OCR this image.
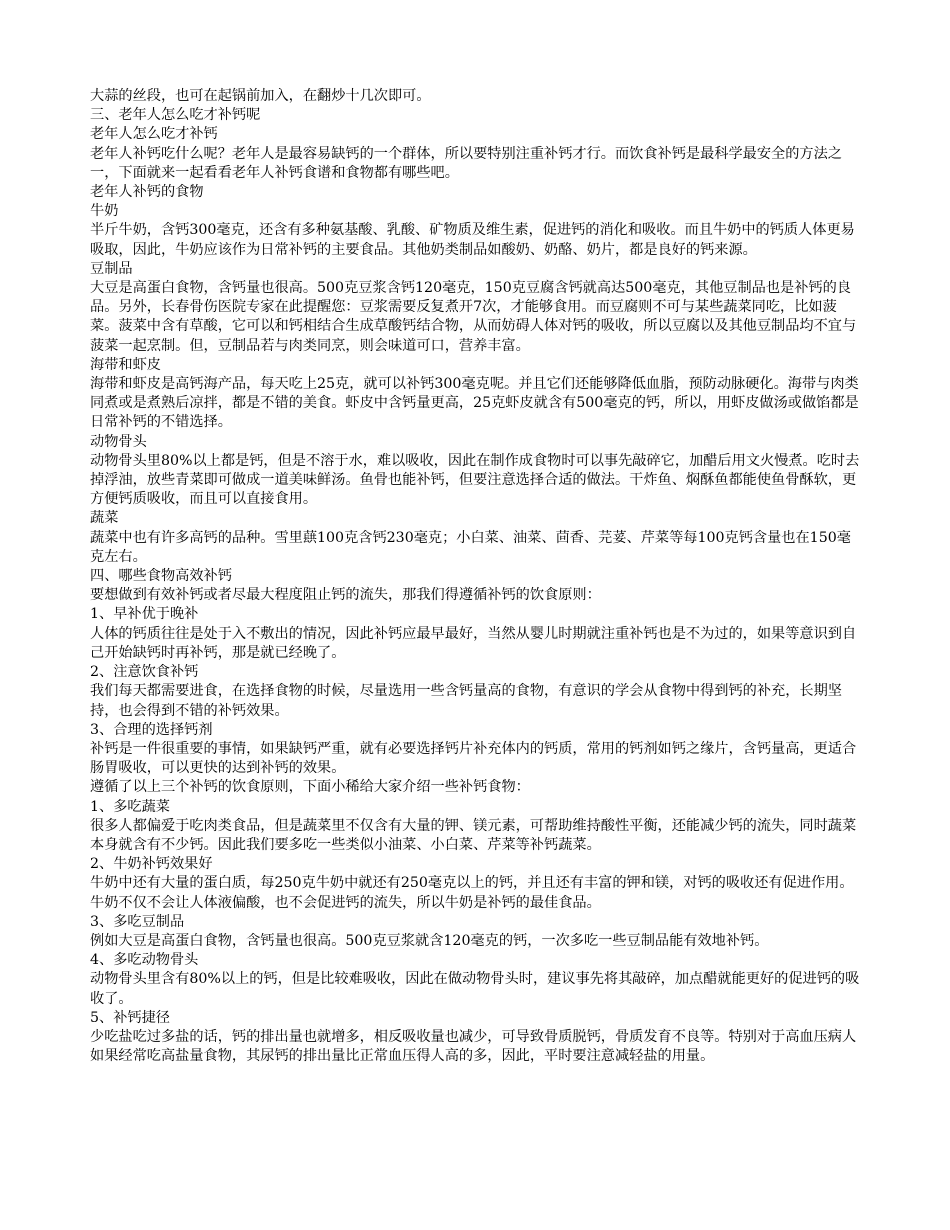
大蒜的丝段，也可在起锅前加入，在翻炒十几次即可。

三、老年人怎么吃才补钙呢

老年人怎么吃才补钙

老年人补钙吃什么呢？老年人是最容易缺钙的一个群体，所以要特别注重补钙才行。而饮食补钙是最科学最安全的方法之一，下面就来一起看看老年人补钙食谱和食物都有哪些吧。

老年人补钙的食物

牛奶

半斤牛奶，含钙300毫克，还含有多种氨基酸、乳酸、矿物质及维生素，促进钙的消化和吸收。而且牛奶中的钙质人体更易吸取，因此，牛奶应该作为日常补钙的主要食品。其他奶类制品如酸奶、奶酪、奶片，都是良好的钙来源。

豆制品

大豆是高蛋白食物，含钙量也很高。500克豆浆含钙120毫克，150克豆腐含钙就高达500毫克，其他豆制品也是补钙的良品。另外，长春骨伤医院专家在此提醒您：豆浆需要反复煮开7次，才能够食用。而豆腐则不可与某些蔬菜同吃，比如菠菜。菠菜中含有草酸，它可以和钙相结合生成草酸钙结合物，从而妨碍人体对钙的吸收，所以豆腐以及其他豆制品均不宜与菠菜一起烹制。但，豆制品若与肉类同烹，则会味道可口，营养丰富。

海带和虾皮

海带和虾皮是高钙海产品，每天吃上25克，就可以补钙300毫克呢。并且它们还能够降低血脂，预防动脉硬化。海带与肉类同煮或是煮熟后凉拌，都是不错的美食。虾皮中含钙量更高，25克虾皮就含有500毫克的钙，所以，用虾皮做汤或做馅都是日常补钙的不错选择。

动物骨头

动物骨头里80%以上都是钙，但是不溶于水，难以吸收，因此在制作成食物时可以事先敲碎它，加醋后用文火慢煮。吃时去掉浮油，放些青菜即可做成一道美味鲜汤。鱼骨也能补钙，但要注意选择合适的做法。干炸鱼、焖酥鱼都能使鱼骨酥软，更方便钙质吸收，而且可以直接食用。

蔬菜

蔬菜中也有许多高钙的品种。雪里蕻100克含钙230毫克；小白菜、油菜、茴香、芫荽、芹菜等每100克钙含量也在150毫克左右。

四、哪些食物高效补钙

要想做到有效补钙或者尽最大程度阻止钙的流失，那我们得遵循补钙的饮食原则：

1、早补优于晚补

人体的钙质往往是处于入不敷出的情况，因此补钙应最早最好，当然从婴儿时期就注重补钙也是不为过的，如果等意识到自己开始缺钙时再补钙，那是就已经晚了。

2、注意饮食补钙

我们每天都需要进食，在选择食物的时候，尽量选用一些含钙量高的食物，有意识的学会从食物中得到钙的补充，长期坚持，也会得到不错的补钙效果。

3、合理的选择钙剂

补钙是一件很重要的事情，如果缺钙严重，就有必要选择钙片补充体内的钙质，常用的钙剂如钙之缘片，含钙量高，更适合肠胃吸收，可以更快的达到补钙的效果。

遵循了以上三个补钙的饮食原则，下面小稀给大家介绍一些补钙食物：

1、多吃蔬菜

很多人都偏爱于吃肉类食品，但是蔬菜里不仅含有大量的钾、镁元素，可帮助维持酸性平衡，还能减少钙的流失，同时蔬菜本身就含有不少钙。因此我们要多吃一些类似小油菜、小白菜、芹菜等补钙蔬菜。

2、牛奶补钙效果好

牛奶中还有大量的蛋白质，每250克牛奶中就还有250毫克以上的钙，并且还有丰富的钾和镁，对钙的吸收还有促进作用。牛奶不仅不会让人体液偏酸，也不会促进钙的流失，所以牛奶是补钙的最佳食品。

3、多吃豆制品

例如大豆是高蛋白食物，含钙量也很高。500克豆浆就含120毫克的钙，一次多吃一些豆制品能有效地补钙。

4、多吃动物骨头

动物骨头里含有80%以上的钙，但是比较难吸收，因此在做动物骨头时，建议事先将其敲碎，加点醋就能更好的促进钙的吸收了。

5、补钙捷径

少吃盐吃过多盐的话，钙的排出量也就增多，相反吸收量也减少，可导致骨质脱钙，骨质发育不良等。特别对于高血压病人如果经常吃高盐量食物，其尿钙的排出量比正常血压得人高的多，因此，平时要注意减轻盐的用量。
